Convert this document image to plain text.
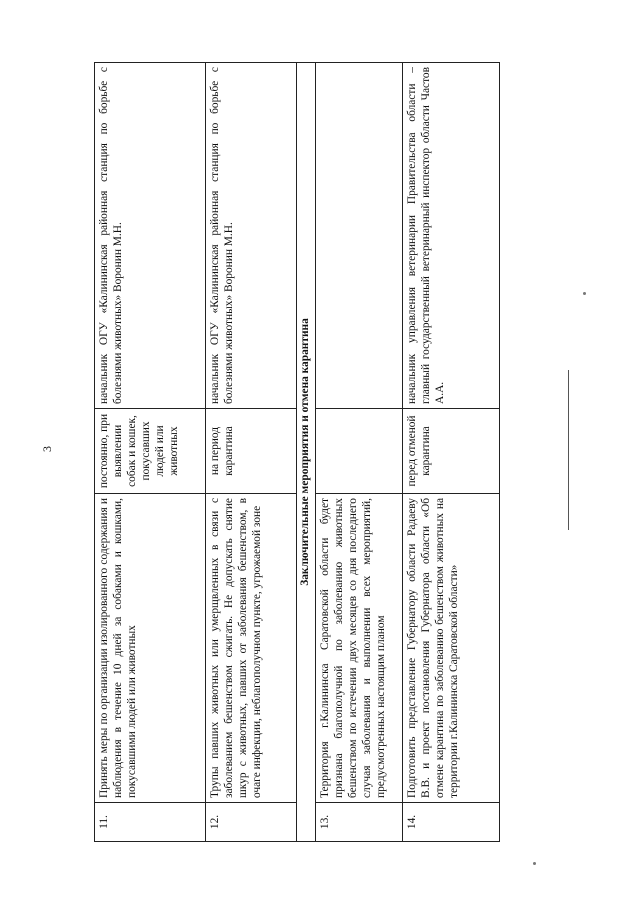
3
11.	Принять меры по организации изолированного содержания и наблюдения в течение 10 дней за собаками и кошками, покусавшими людей или животных	постоянно, при выявлении собак и кошек, покусавших людей или животных	начальник ОГУ «Калининская районная станция по борьбе с болезнями животных» Воронин М.Н.
12.	Трупы павших животных или умерщвленных в связи с заболеванием бешенством сжигать. Не допускать снятие шкур с животных, павших от заболевания бешенством, в очаге инфекции, неблагополучном пункте, угрожаемой зоне	на период карантина	начальник ОГУ «Калининская районная станция по борьбе с болезнями животных» Воронин М.Н.
Заключительные мероприятия и отмена карантина			
13.	Территория г.Калининска Саратовской области будет признана благополучной по заболеванию животных бешенством по истечении двух месяцев со дня последнего случая заболевания и выполнении всех мероприятий, предусмотренных настоящим планом		
14.	Подготовить представление Губернатору области Радаеву В.В. и проект постановления Губернатора области «Об отмене карантина по заболеванию бешенством животных на территории г.Калининска Саратовской области»	перед отменой карантина	начальник управления ветеринарии Правительства области – главный государственный ветеринарный инспектор области Частов А.А.
